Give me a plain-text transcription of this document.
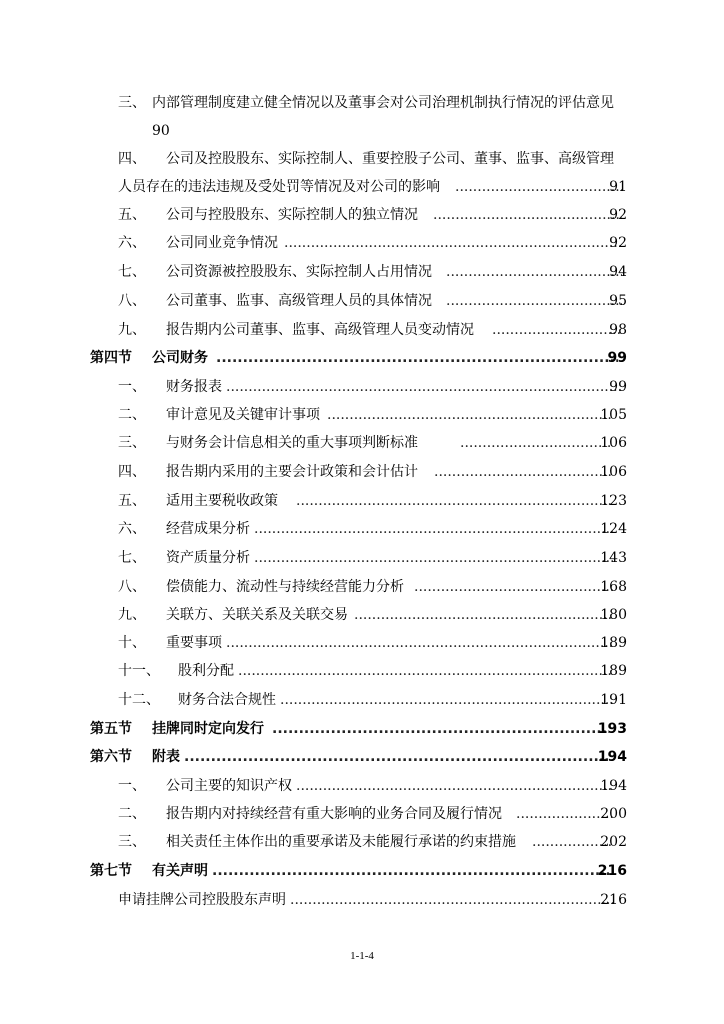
三、 内部管理制度建立健全情况以及董事会对公司治理机制执行情况的评估意见
90
四、 公司及控股股东、实际控制人、重要控股子公司、董事、监事、高级管理
人员存在的违法违规及受处罚等情况及对公司的影响 .....	91
五、 公司与控股股东、实际控制人的独立情况 .....	92
六、 公司同业竞争情况 .....	92
七、 公司资源被控股股东、实际控制人占用情况 .....	94
八、 公司董事、监事、高级管理人员的具体情况 .....	95
九、 报告期内公司董事、监事、高级管理人员变动情况 .....	98
第四节 公司财务 .....	99
一、 财务报表 .....	99
二、 审计意见及关键审计事项 .....	105
三、 与财务会计信息相关的重大事项判断标准 .....	106
四、 报告期内采用的主要会计政策和会计估计 .....	106
五、 适用主要税收政策 .....	123
六、 经营成果分析 .....	124
七、 资产质量分析 .....	143
八、 偿债能力、流动性与持续经营能力分析 .....	168
九、 关联方、关联关系及关联交易 .....	180
十、 重要事项 .....	189
十一、 股利分配 .....	189
十二、 财务合法合规性 .....	191
第五节 挂牌同时定向发行 .....	193
第六节 附表 .....	194
一、 公司主要的知识产权 .....	194
二、 报告期内对持续经营有重大影响的业务合同及履行情况 .....	200
三、 相关责任主体作出的重要承诺及未能履行承诺的约束措施 .....	202
第七节 有关声明 .....	216
申请挂牌公司控股股东声明 .....	216
1-1-4
